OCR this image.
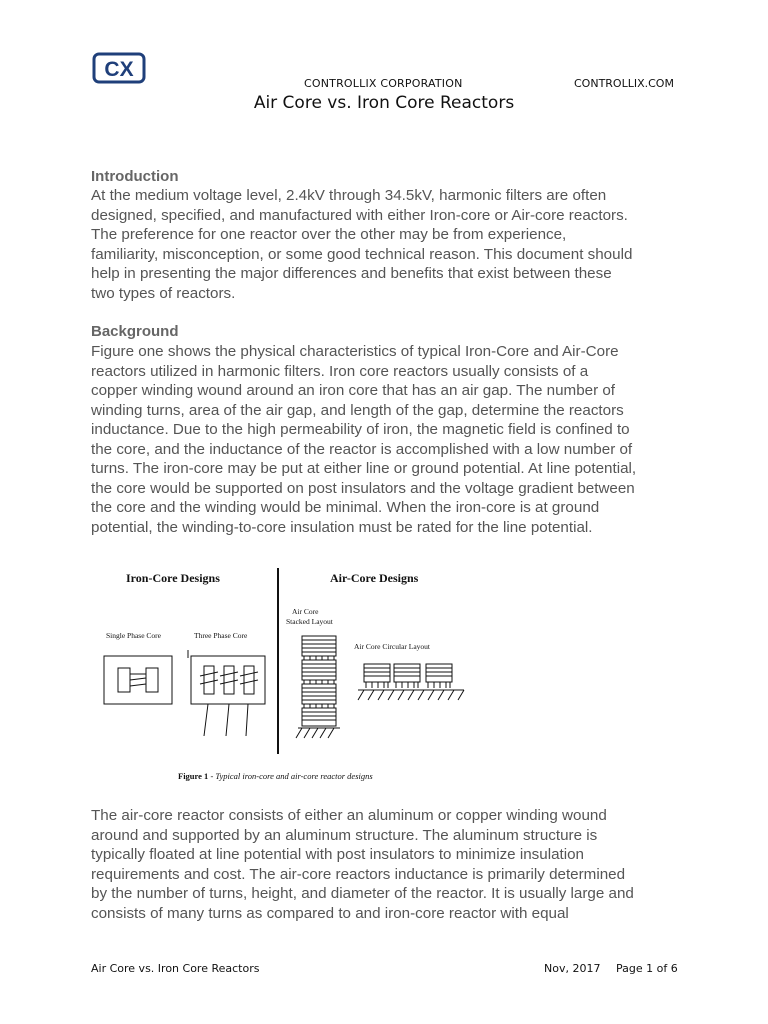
CX
CONTROLLIX CORPORATION	CONTROLLIX.COM
Air Core vs. Iron Core Reactors
Introduction
At the medium voltage level, 2.4kV through 34.5kV, harmonic filters are often
designed, specified, and manufactured with either Iron-core or Air-core reactors.
The preference for one reactor over the other may be from experience,
familiarity, misconception, or some good technical reason. This document should
help in presenting the major differences and benefits that exist between these
two types of reactors.
Background
Figure one shows the physical characteristics of typical Iron-Core and Air-Core
reactors utilized in harmonic filters. Iron core reactors usually consists of a
copper winding wound around an iron core that has an air gap. The number of
winding turns, area of the air gap, and length of the gap, determine the reactors
inductance. Due to the high permeability of iron, the magnetic field is confined to
the core, and the inductance of the reactor is accomplished with a low number of
turns. The iron-core may be put at either line or ground potential. At line potential,
the core would be supported on post insulators and the voltage gradient between
the core and the winding would be minimal. When the iron-core is at ground
potential, the winding-to-core insulation must be rated for the line potential.
Iron-Core Designs	Air-Core Designs
Single Phase Core	Three Phase Core
Air Core
Stacked Layout
Air Core Circular Layout
Figure 1 - Typical iron-core and air-core reactor designs
The air-core reactor consists of either an aluminum or copper winding wound
around and supported by an aluminum structure. The aluminum structure is
typically floated at line potential with post insulators to minimize insulation
requirements and cost. The air-core reactors inductance is primarily determined
by the number of turns, height, and diameter of the reactor. It is usually large and
consists of many turns as compared to and iron-core reactor with equal
Air Core vs. Iron Core Reactors	Nov, 2017 Page 1 of 6
